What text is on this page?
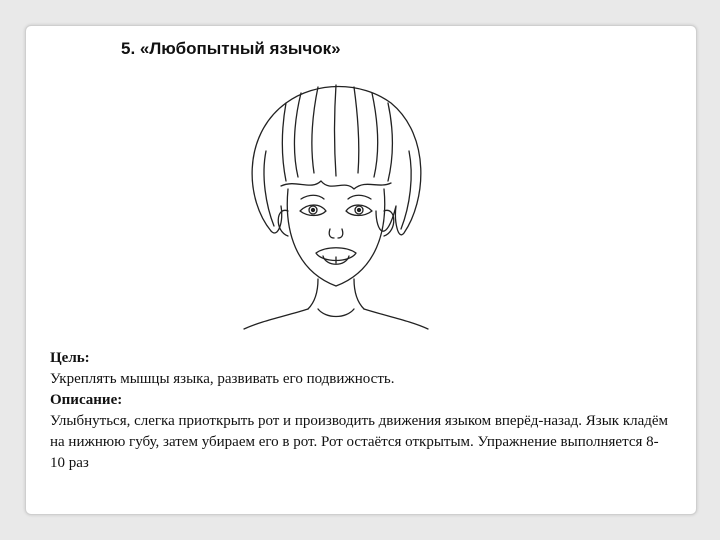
5. «Любопытный язычок»
Цель:
Укреплять мышцы языка, развивать его подвижность.
Описание:
Улыбнуться, слегка приоткрыть рот и производить движения языком вперёд-назад. Язык кладём на нижнюю губу, затем убираем его в рот. Рот остаётся открытым. Упражнение выполняется 8-10 раз
